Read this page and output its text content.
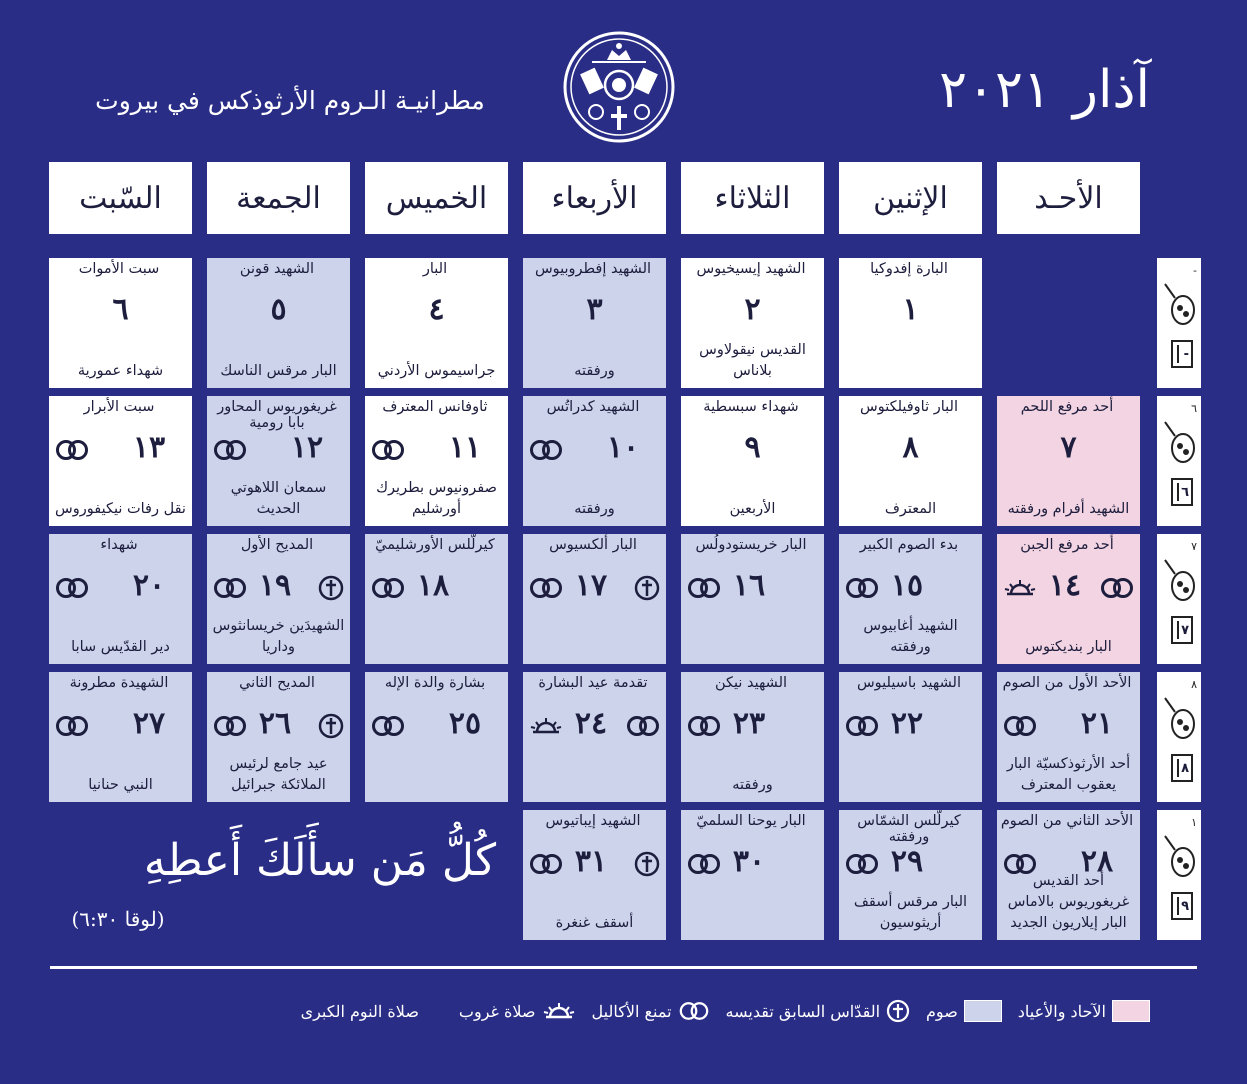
آذار
٢٠٢١
مطرانيـة الـروم الأرثوذكس في بيروت
الأحـد
الإثنين
الثلاثاء
الأربعاء
الخميس
الجمعة
السّبت
-
-
٦
٦
٧
٧
٨
٨
١
٩
البارة إفدوكيا
١
الشهيد إيسيخيوس
٢
القديس نيقولاوس بلاناس
الشهيد إفطروبيوس
٣
ورفقته
البار
٤
جراسيموس الأردني
الشهيد قونن
٥
البار مرقس الناسك
سبت الأموات
٦
شهداء عمورية
أحد مرفع اللحم
٧
الشهيد أفرام ورفقته
البار ثاوفيلكتوس
٨
المعترف
شهداء سبسطية
٩
الأربعين
الشهيد كدراتُس
١٠
ورفقته
ثاوفانس المعترف
١١
صفرونيوس بطريرك أورشليم
غريغوريوس المحاور بابا رومية
١٢
سمعان اللاهوتي الحديث
سبت الأبرار
١٣
نقل رفات نيكيفوروس
أحد مرفع الجبن
١٤
البار بنديكتوس
بدء الصوم الكبير
١٥
الشهيد أغابيوس ورفقته
البار خريستودولُس
١٦
البار ألكسيوس
١٧
كيرلّلس الأورشليميّ
١٨
المديح الأول
١٩
الشهيدَين خريسانثوس وداريا
شهداء
٢٠
دير القدّيس سابا
الأحد الأول من الصوم
٢١
أحد الأرثوذكسيّة البار يعقوب المعترف
الشهيد باسيليوس
٢٢
الشهيد نيكن
٢٣
ورفقته
تقدمة عيد البشارة
٢٤
بشارة والدة الإله
٢٥
المديح الثاني
٢٦
عيد جامع لرئيس الملائكة جبرائيل
الشهيدة مطرونة
٢٧
النبي حنانيا
الأحد الثاني من الصوم
٢٨
أحد القديس غريغوريوس بالاماس البار إيلاريون الجديد
كيرلّلس الشمّاس ورفقته
٢٩
البار مرقس أسقف أريثوسيون
البار يوحنا السلميّ
٣٠
الشهيد إيباتيوس
٣١
أسقف غنغرة
كُلُّ مَن سأَلَكَ أَعطِهِ
(لوقا ٦:٣٠)
الآحاد والأعياد
صوم
القدّاس السابق تقديسه
تمنع الأكاليل
صلاة غروب
صلاة النوم الكبرى
